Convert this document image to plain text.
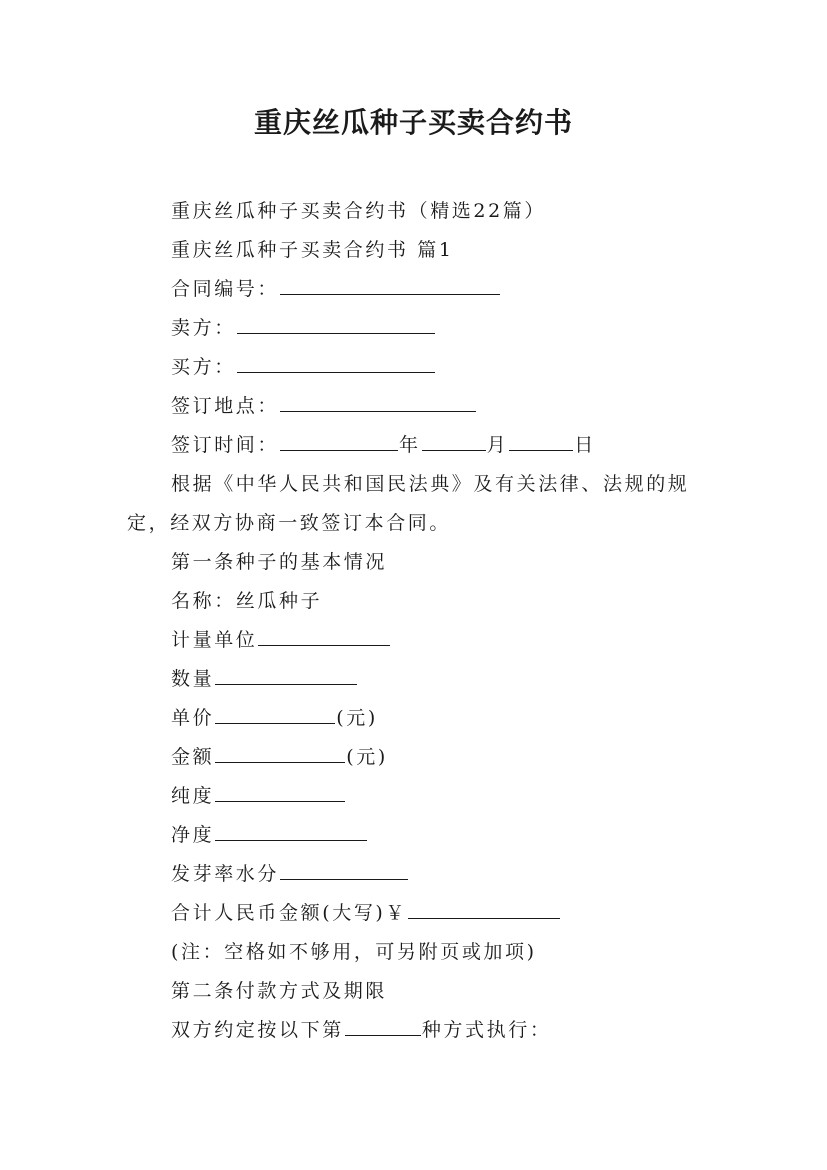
重庆丝瓜种子买卖合约书
重庆丝瓜种子买卖合约书（精选22篇）
重庆丝瓜种子买卖合约书 篇1
合同编号：
卖方：
买方：
签订地点：
签订时间：	年	月	日
根据《中华人民共和国民法典》及有关法律、法规的规定，经双方协商一致签订本合同。
第一条种子的基本情况
名称：丝瓜种子
计量单位
数量
单价	(元)
金额	(元)
纯度
净度
发芽率水分
合计人民币金额(大写)￥
(注：空格如不够用，可另附页或加项)
第二条付款方式及期限
双方约定按以下第	种方式执行：
